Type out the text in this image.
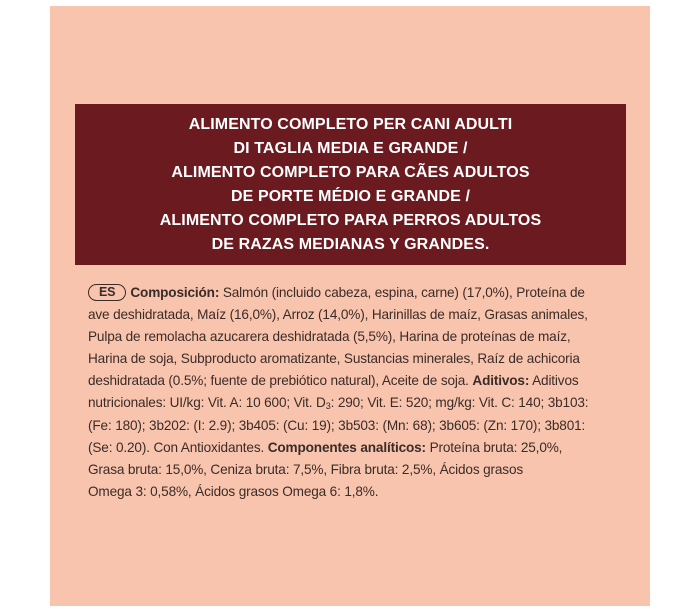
ALIMENTO COMPLETO PER CANI ADULTI
DI TAGLIA MEDIA E GRANDE /
ALIMENTO COMPLETO PARA CÃES ADULTOS
DE PORTE MÉDIO E GRANDE /
ALIMENTO COMPLETO PARA PERROS ADULTOS
DE RAZAS MEDIANAS Y GRANDES.
ES Composición: Salmón (incluido cabeza, espina, carne) (17,0%), Proteína de
ave deshidratada, Maíz (16,0%), Arroz (14,0%), Harinillas de maíz, Grasas animales,
Pulpa de remolacha azucarera deshidratada (5,5%), Harina de proteínas de maíz,
Harina de soja, Subproducto aromatizante, Sustancias minerales, Raíz de achicoria
deshidratada (0.5%; fuente de prebiótico natural), Aceite de soja. Aditivos: Aditivos
nutricionales: UI/kg: Vit. A: 10 600; Vit. $D_3$: 290; Vit. E: 520; mg/kg: Vit. C: 140; 3b103:
(Fe: 180); 3b202: (I: 2.9); 3b405: (Cu: 19); 3b503: (Mn: 68); 3b605: (Zn: 170); 3b801:
(Se: 0.20). Con Antioxidantes. Componentes analíticos: Proteína bruta: 25,0%,
Grasa bruta: 15,0%, Ceniza bruta: 7,5%, Fibra bruta: 2,5%, Ácidos grasos
Omega 3: 0,58%, Ácidos grasos Omega 6: 1,8%.
